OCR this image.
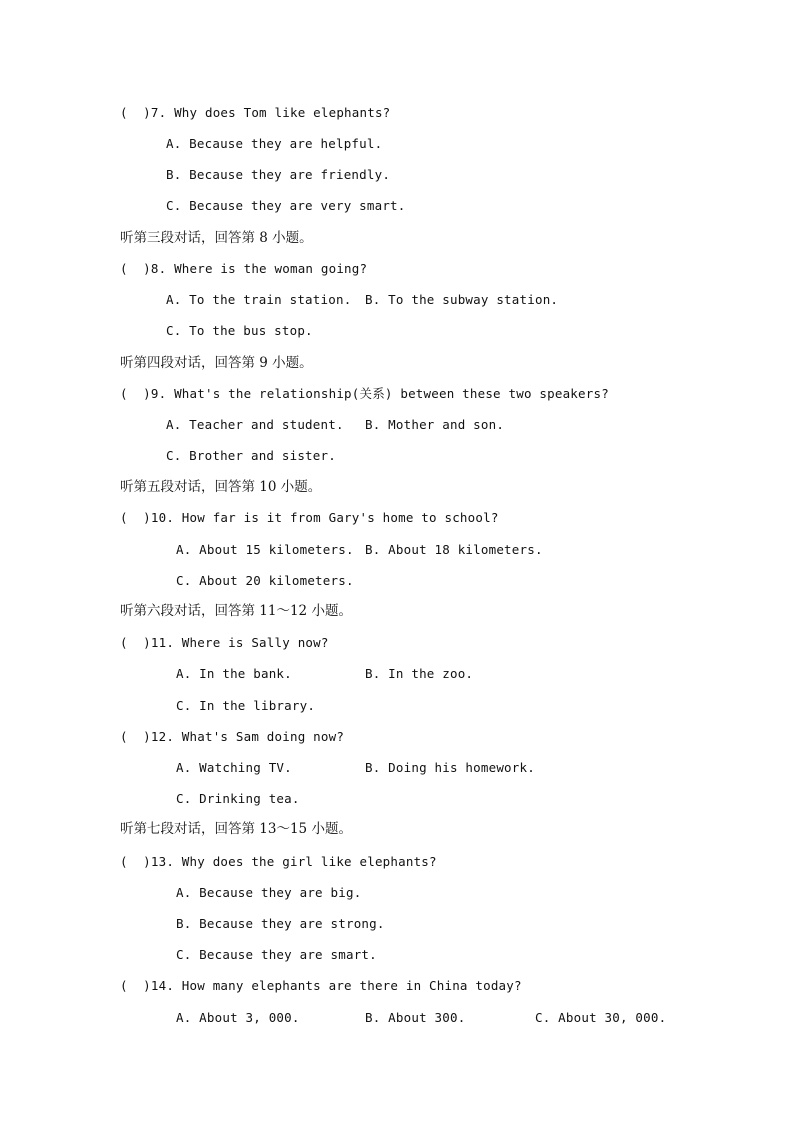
(  )7. Why does Tom like elephants?
A. Because they are helpful.
B. Because they are friendly.
C. Because they are very smart.
听第三段对话，回答第 8 小题。
(  )8. Where is the woman going?
A. To the train station. B. To the subway station.
C. To the bus stop.
听第四段对话，回答第 9 小题。
(  )9. What's the relationship(关系) between these two speakers?
A. Teacher and student. B. Mother and son.
C. Brother and sister.
听第五段对话，回答第 10 小题。
(  )10. How far is it from Gary's home to school?
A. About 15 kilometers. B. About 18 kilometers.
C. About 20 kilometers.
听第六段对话，回答第 11～12 小题。
(  )11. Where is Sally now?
A. In the bank.	B. In the zoo.
C. In the library.
(  )12. What's Sam doing now?
A. Watching TV.	B. Doing his homework.
C. Drinking tea.
听第七段对话，回答第 13～15 小题。
(  )13. Why does the girl like elephants?
A. Because they are big.
B. Because they are strong.
C. Because they are smart.
(  )14. How many elephants are there in China today?
A. About 3, 000.	B. About 300.	C. About 30, 000.
